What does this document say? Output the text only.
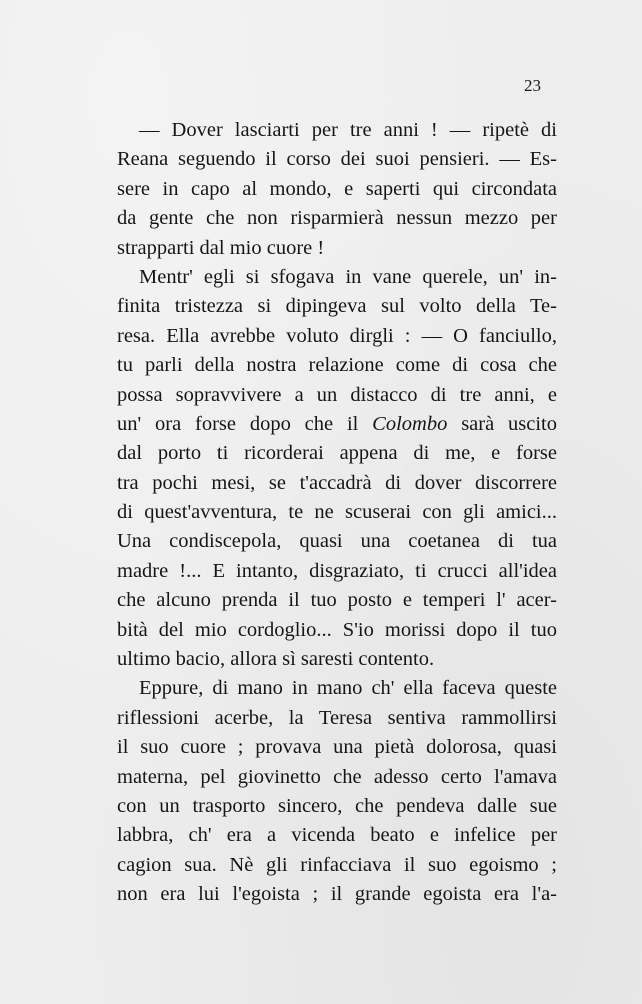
23
— Dover lasciarti per tre anni ! — ripetè di
Reana seguendo il corso dei suoi pensieri. — Es-
sere in capo al mondo, e saperti qui circondata
da gente che non risparmierà nessun mezzo per
strapparti dal mio cuore !
Mentr' egli si sfogava in vane querele, un' in-
finita tristezza si dipingeva sul volto della Te-
resa. Ella avrebbe voluto dirgli : — O fanciullo,
tu parli della nostra relazione come di cosa che
possa sopravvivere a un distacco di tre anni, e
un' ora forse dopo che il Colombo sarà uscito
dal porto ti ricorderai appena di me, e forse
tra pochi mesi, se t'accadrà di dover discorrere
di quest'avventura, te ne scuserai con gli amici...
Una condiscepola, quasi una coetanea di tua
madre !... E intanto, disgraziato, ti crucci all'idea
che alcuno prenda il tuo posto e temperi l' acer-
bità del mio cordoglio... S'io morissi dopo il tuo
ultimo bacio, allora sì saresti contento.
Eppure, di mano in mano ch' ella faceva queste
riflessioni acerbe, la Teresa sentiva rammollirsi
il suo cuore ; provava una pietà dolorosa, quasi
materna, pel giovinetto che adesso certo l'amava
con un trasporto sincero, che pendeva dalle sue
labbra, ch' era a vicenda beato e infelice per
cagion sua. Nè gli rinfacciava il suo egoismo ;
non era lui l'egoista ; il grande egoista era l'a-
